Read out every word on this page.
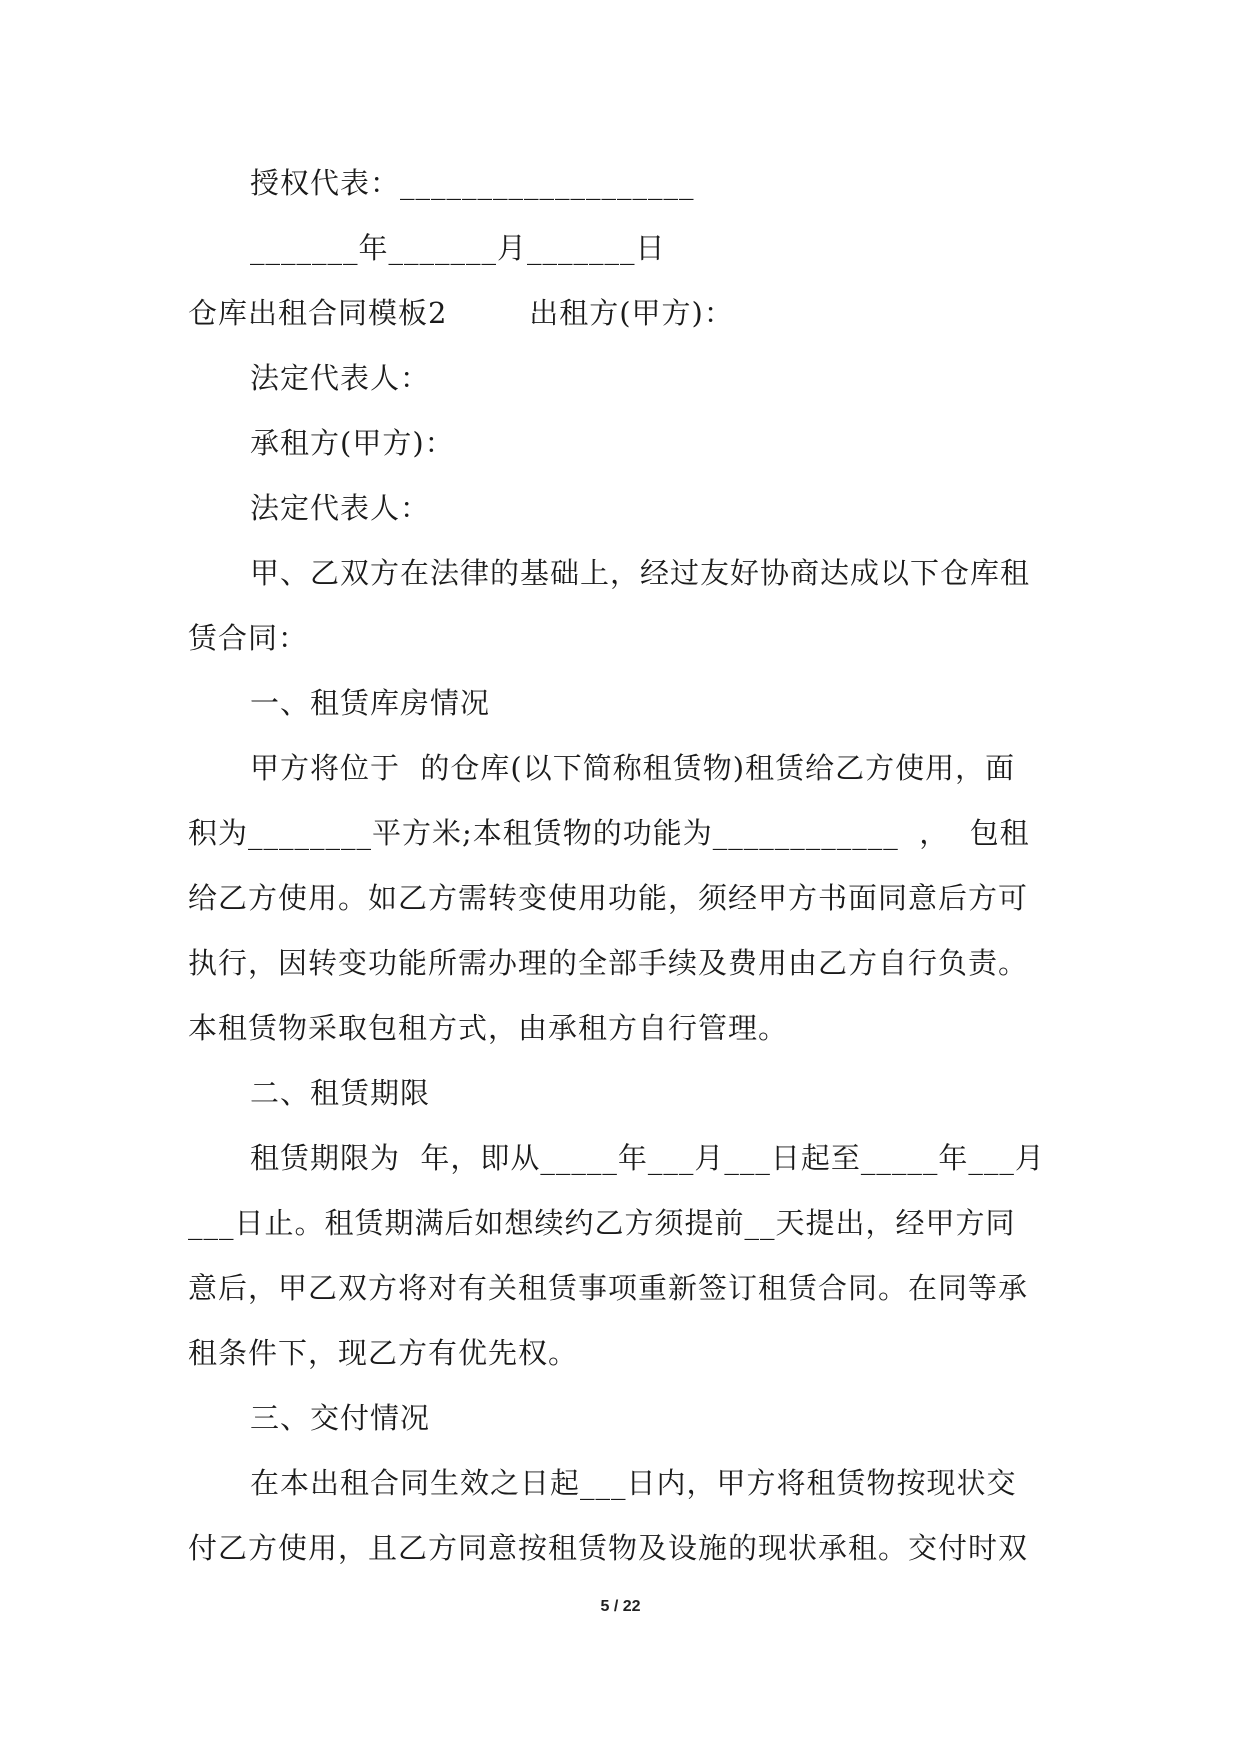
授权代表：___________________
_______年_______月_______日
仓库出租合同模板2        出租方(甲方)：
法定代表人：
承租方(甲方)：
法定代表人：
甲、乙双方在法律的基础上，经过友好协商达成以下仓库租
赁合同：
一、租赁库房情况
甲方将位于  的仓库(以下简称租赁物)租赁给乙方使用，面
积为________平方米;本租赁物的功能为____________  ，  包租
给乙方使用。如乙方需转变使用功能，须经甲方书面同意后方可
执行，因转变功能所需办理的全部手续及费用由乙方自行负责。
本租赁物采取包租方式，由承租方自行管理。
二、租赁期限
租赁期限为  年，即从_____年___月___日起至_____年___月
___日止。租赁期满后如想续约乙方须提前__天提出，经甲方同
意后，甲乙双方将对有关租赁事项重新签订租赁合同。在同等承
租条件下，现乙方有优先权。
三、交付情况
在本出租合同生效之日起___日内，甲方将租赁物按现状交
付乙方使用，且乙方同意按租赁物及设施的现状承租。交付时双
5 / 22
